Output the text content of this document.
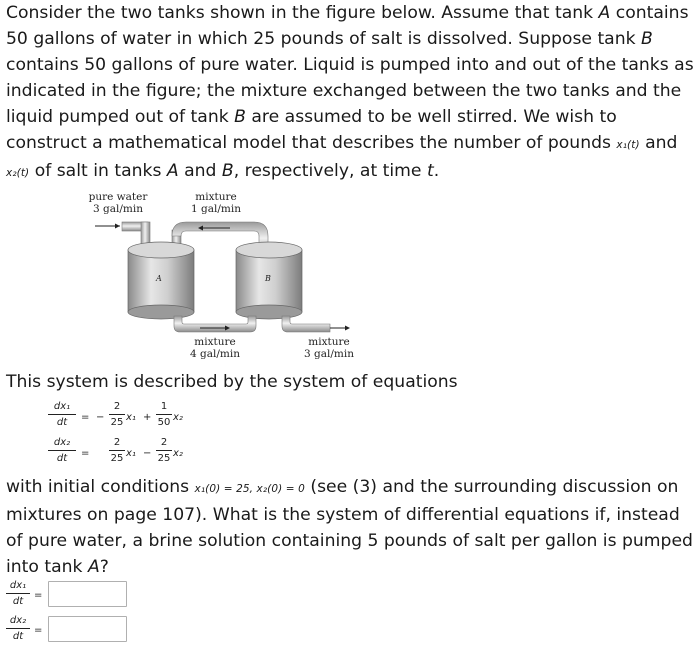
Consider the two tanks shown in the figure below. Assume that tank A contains 50 gallons of water in which 25 pounds of salt is dissolved. Suppose tank B contains 50 gallons of pure water. Liquid is pumped into and out of the tanks as indicated in the figure; the mixture exchanged between the two tanks and the liquid pumped out of tank B are assumed to be well stirred. We wish to construct a mathematical model that describes the number of pounds x₁(t) and x₂(t) of salt in tanks A and B, respectively, at time t.

pure water
3 gal/min
mixture
1 gal/min
mixture
4 gal/min
mixture
3 gal/min
A	B

This system is described by the system of equations

dx₁
dt	= −
2
25 x₁ +
1
50 x₂
dx₂
dt	=
2
25 x₁ −
2
25 x₂

with initial conditions x₁(0) = 25, x₂(0) = 0 (see (3) and the surrounding discussion on mixtures on page 107). What is the system of differential equations if, instead of pure water, a brine solution containing 5 pounds of salt per gallon is pumped into tank A?

dx₁
dt
=
dx₂
dt
=
